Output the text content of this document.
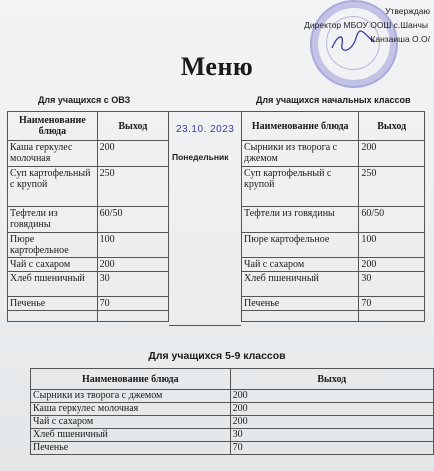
Утверждаю
Директор МБОУ ООШ с.Шанчы
Канзаиша О.О/
Меню
Для учащихся с ОВЗ	Для учащихся начальных классов
Наименование блюда	Выход
Каша геркулес молочная	200
Суп картофельный с крупой	250
Тефтели из говядины	60/50
Пюре картофельное	100
Чай с сахаром	200
Хлеб пшеничный	30
Печенье	70

23.10. 2023
Понедельник
Наименование блюда	Выход
Сырники из творога с джемом	200
Суп картофельный с крупой	250
Тефтели из говядины	60/50
Пюре картофельное	100
Чай с сахаром	200
Хлеб пшеничный	30
Печенье	70

Для учащихся 5-9 классов
Наименование блюда	Выход
Сырники из творога с джемом	200
Каша геркулес молочная	200
Чай с сахаром	200
Хлеб пшеничный	30
Печенье	70
